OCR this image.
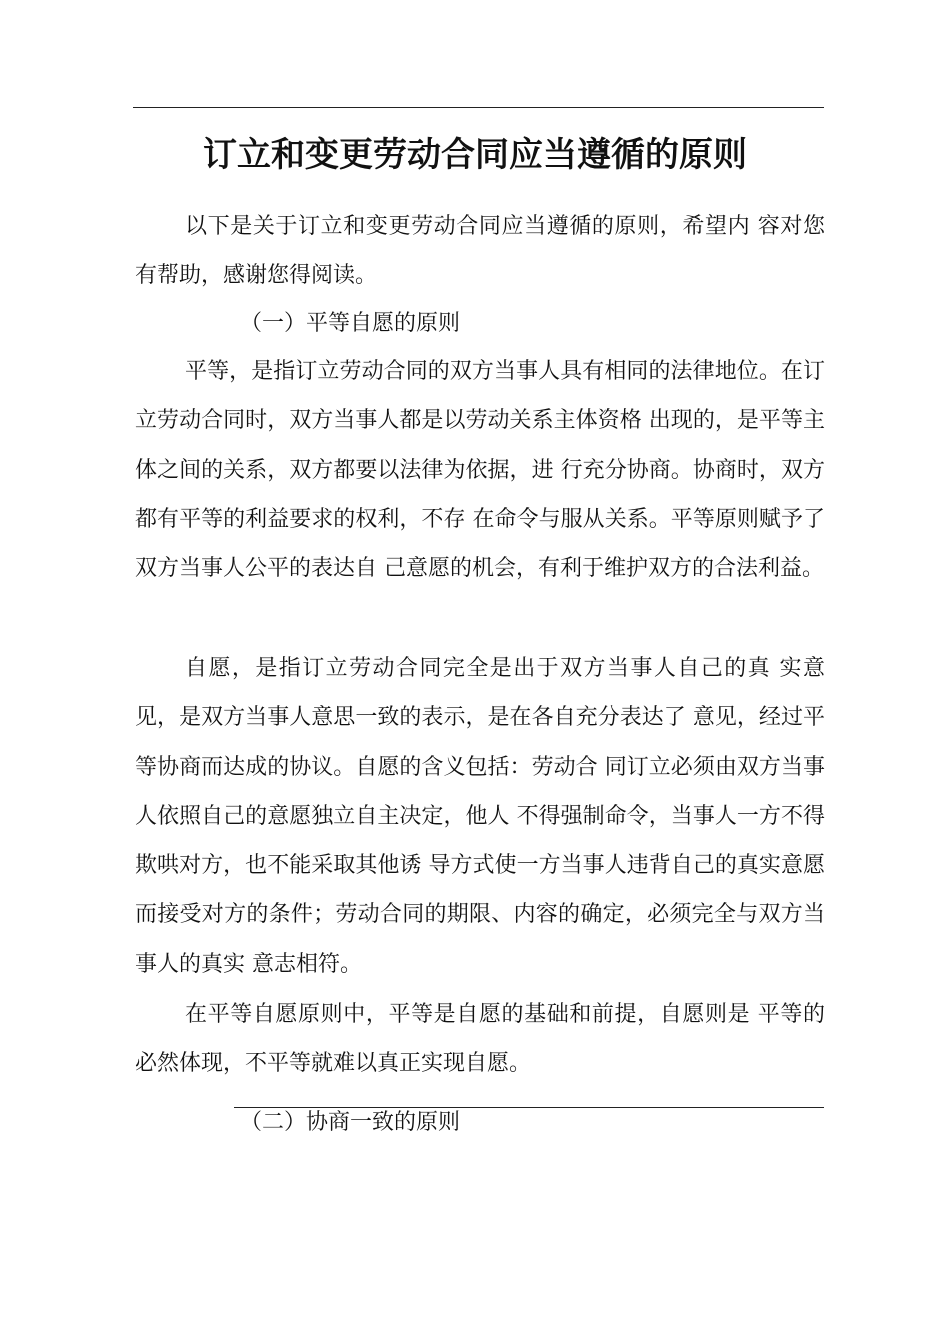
订立和变更劳动合同应当遵循的原则

以下是关于订立和变更劳动合同应当遵循的原则，希望内 容对您有帮助，感谢您得阅读。

（一）平等自愿的原则

平等，是指订立劳动合同的双方当事人具有相同的法律地位。在订立劳动合同时，双方当事人都是以劳动关系主体资格 出现的，是平等主体之间的关系，双方都要以法律为依据，进 行充分协商。协商时，双方都有平等的利益要求的权利，不存 在命令与服从关系。平等原则赋予了双方当事人公平的表达自 己意愿的机会，有利于维护双方的合法利益。

自愿，是指订立劳动合同完全是出于双方当事人自己的真 实意见，是双方当事人意思一致的表示，是在各自充分表达了 意见，经过平等协商而达成的协议。自愿的含义包括：劳动合 同订立必须由双方当事人依照自己的意愿独立自主决定，他人 不得强制命令，当事人一方不得欺哄对方，也不能采取其他诱 导方式使一方当事人违背自己的真实意愿而接受对方的条件；劳动合同的期限、内容的确定，必须完全与双方当事人的真实 意志相符。

在平等自愿原则中，平等是自愿的基础和前提，自愿则是 平等的必然体现，不平等就难以真正实现自愿。

（二）协商一致的原则
